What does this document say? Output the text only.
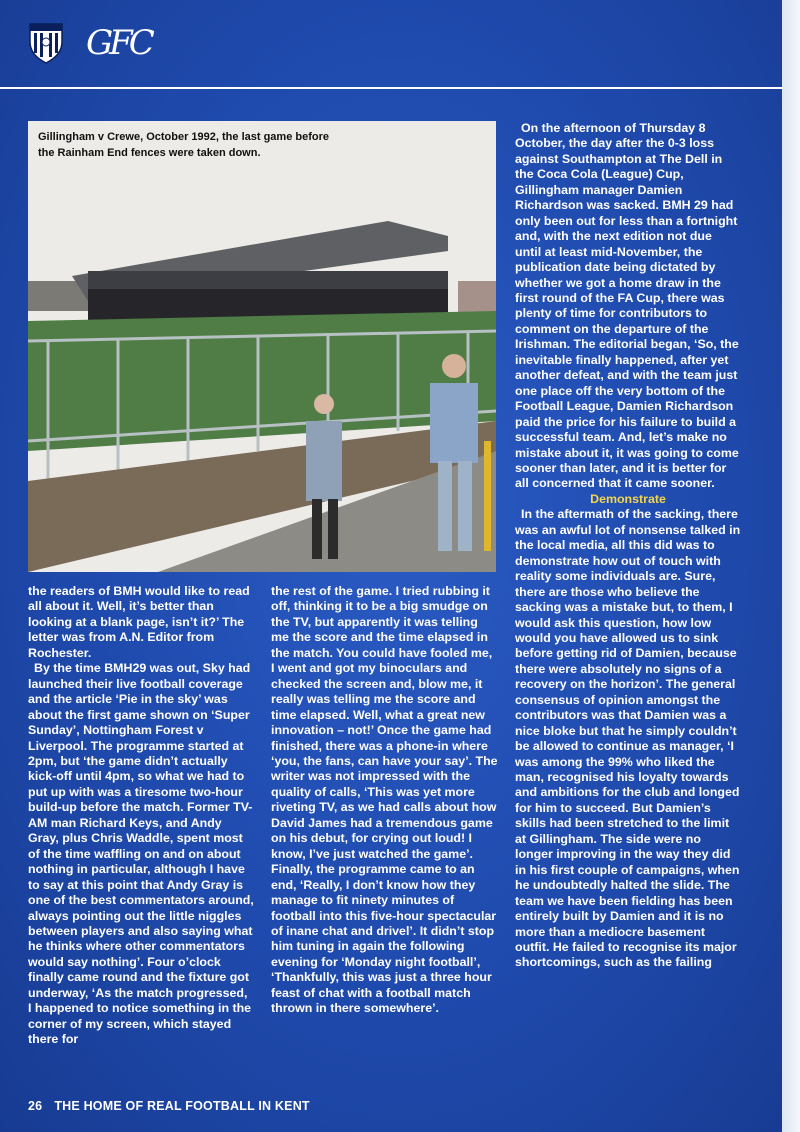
GFC
Gillingham v Crewe, October 1992, the last game before the Rainham End fences were taken down.

the readers of BMH would like to read all about it. Well, it’s better than looking at a blank page, isn’t it?’ The letter was from A.N. Editor from Rochester.

By the time BMH29 was out, Sky had launched their live football coverage and the article ‘Pie in the sky’ was about the first game shown on ‘Super Sunday’, Nottingham Forest v Liverpool. The programme started at 2pm, but ‘the game didn’t actually kick-off until 4pm, so what we had to put up with was a tiresome two-hour build-up before the match. Former TV-AM man Richard Keys, and Andy Gray, plus Chris Waddle, spent most of the time waffling on and on about nothing in particular, although I have to say at this point that Andy Gray is one of the best commentators around, always pointing out the little niggles between players and also saying what he thinks where other commentators would say nothing’. Four o’clock finally came round and the fixture got underway, ‘As the match progressed, I happened to notice something in the corner of my screen, which stayed there for

the rest of the game. I tried rubbing it off, thinking it to be a big smudge on the TV, but apparently it was telling me the score and the time elapsed in the match. You could have fooled me, I went and got my binoculars and checked the screen and, blow me, it really was telling me the score and time elapsed. Well, what a great new innovation – not!’ Once the game had finished, there was a phone-in where ‘you, the fans, can have your say’. The writer was not impressed with the quality of calls, ‘This was yet more riveting TV, as we had calls about how David James had a tremendous game on his debut, for crying out loud! I know, I’ve just watched the game’. Finally, the programme came to an end, ‘Really, I don’t know how they manage to fit ninety minutes of football into this five-hour spectacular of inane chat and drivel’. It didn’t stop him tuning in again the following evening for ‘Monday night football’, ‘Thankfully, this was just a three hour feast of chat with a football match thrown in there somewhere’.

On the afternoon of Thursday 8 October, the day after the 0-3 loss against Southampton at The Dell in the Coca Cola (League) Cup, Gillingham manager Damien Richardson was sacked. BMH 29 had only been out for less than a fortnight and, with the next edition not due until at least mid-November, the publication date being dictated by whether we got a home draw in the first round of the FA Cup, there was plenty of time for contributors to comment on the departure of the Irishman. The editorial began, ‘So, the inevitable finally happened, after yet another defeat, and with the team just one place off the very bottom of the Football League, Damien Richardson paid the price for his failure to build a successful team. And, let’s make no mistake about it, it was going to come sooner than later, and it is better for all concerned that it came sooner.

Demonstrate

In the aftermath of the sacking, there was an awful lot of nonsense talked in the local media, all this did was to demonstrate how out of touch with reality some individuals are. Sure, there are those who believe the sacking was a mistake but, to them, I would ask this question, how low would you have allowed us to sink before getting rid of Damien, because there were absolutely no signs of a recovery on the horizon’. The general consensus of opinion amongst the contributors was that Damien was a nice bloke but that he simply couldn’t be allowed to continue as manager, ‘I was among the 99% who liked the man, recognised his loyalty towards and ambitions for the club and longed for him to succeed. But Damien’s skills had been stretched to the limit at Gillingham. The side were no longer improving in the way they did in his first couple of campaigns, when he undoubtedly halted the slide. The team we have been fielding has been entirely built by Damien and it is no more than a mediocre basement outfit. He failed to recognise its major shortcomings, such as the failing

26 THE HOME OF REAL FOOTBALL IN KENT
